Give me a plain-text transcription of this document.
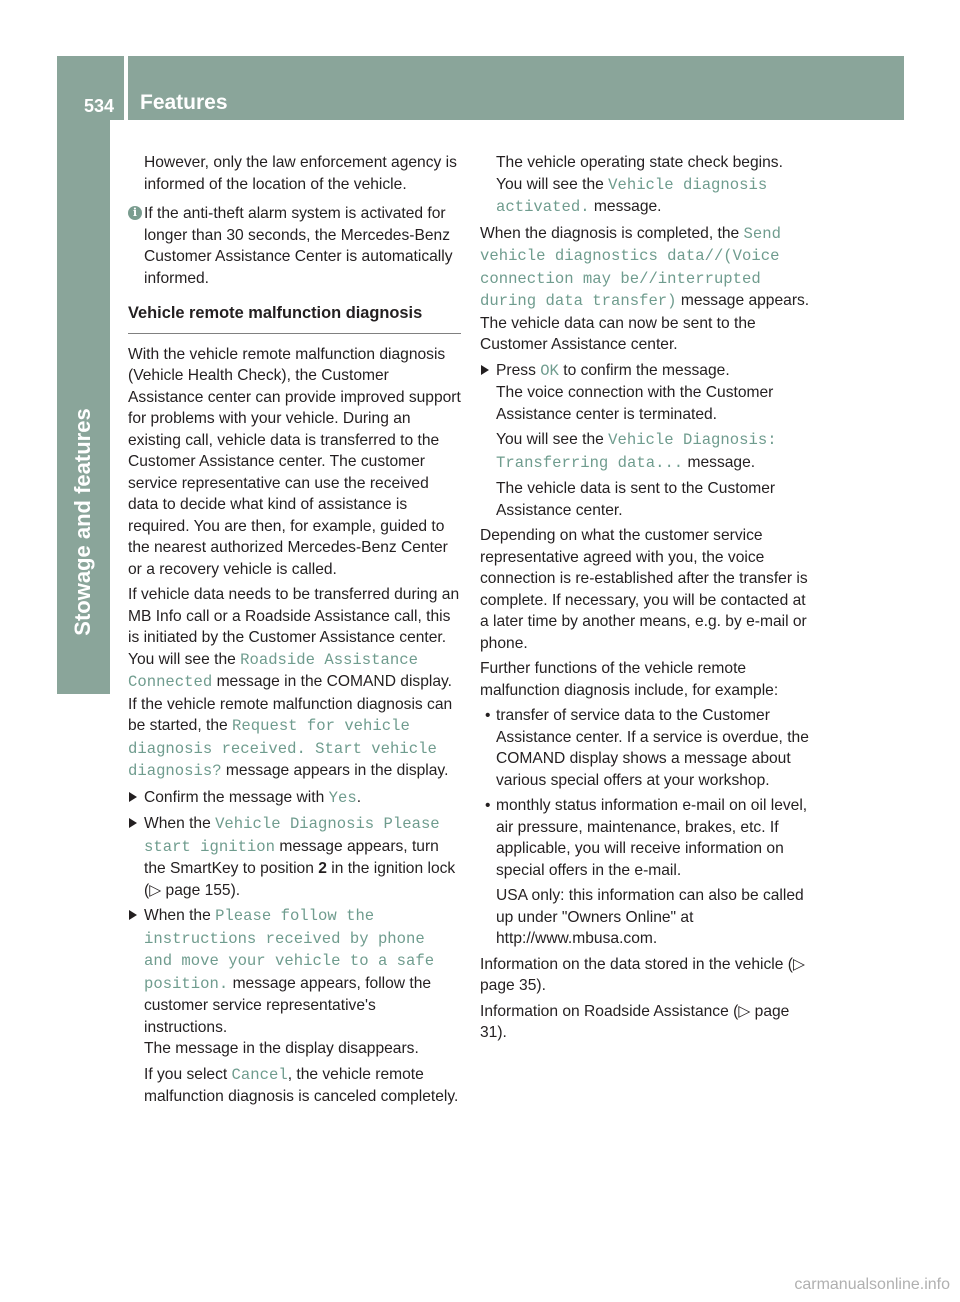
534 Features
Stowage and features

However, only the law enforcement agency is informed of the location of the vehicle.

i If the anti-theft alarm system is activated for longer than 30 seconds, the Mercedes-Benz Customer Assistance Center is automatically informed.
Vehicle remote malfunction diagnosis

With the vehicle remote malfunction diagnosis (Vehicle Health Check), the Customer Assistance center can provide improved support for problems with your vehicle. During an existing call, vehicle data is transferred to the Customer Assistance center. The customer service representative can use the received data to decide what kind of assistance is required. You are then, for example, guided to the nearest authorized Mercedes-Benz Center or a recovery vehicle is called.

If vehicle data needs to be transferred during an MB Info call or a Roadside Assistance call, this is initiated by the Customer Assistance center. You will see the Roadside Assistance Connected message in the COMAND display. If the vehicle remote malfunction diagnosis can be started, the Request for vehicle diagnosis received. Start vehicle diagnosis? message appears in the display.

Confirm the message with Yes.
When the Vehicle Diagnosis Please start ignition message appears, turn the SmartKey to position 2 in the ignition lock (▷ page 155).
When the Please follow the instructions received by phone and move your vehicle to a safe position. message appears, follow the customer service representative's instructions.
The message in the display disappears.

If you select Cancel, the vehicle remote malfunction diagnosis is canceled completely.

The vehicle operating state check begins.

You will see the Vehicle diagnosis activated. message.

When the diagnosis is completed, the Send vehicle diagnostics data//(Voice connection may be//interrupted during data transfer) message appears. The vehicle data can now be sent to the Customer Assistance center.

Press OK to confirm the message.
The voice connection with the Customer Assistance center is terminated.

You will see the Vehicle Diagnosis: Transferring data... message.

The vehicle data is sent to the Customer Assistance center.

Depending on what the customer service representative agreed with you, the voice connection is re-established after the transfer is complete. If necessary, you will be contacted at a later time by another means, e.g. by e-mail or phone.

Further functions of the vehicle remote malfunction diagnosis include, for example:

• transfer of service data to the Customer Assistance center. If a service is overdue, the COMAND display shows a message about various special offers at your workshop.
• monthly status information e-mail on oil level, air pressure, maintenance, brakes, etc. If applicable, you will receive information on special offers in the e-mail.

USA only: this information can also be called up under "Owners Online" at http://www.mbusa.com.

Information on the data stored in the vehicle (▷ page 35).

Information on Roadside Assistance (▷ page 31).

carmanualsonline.info
